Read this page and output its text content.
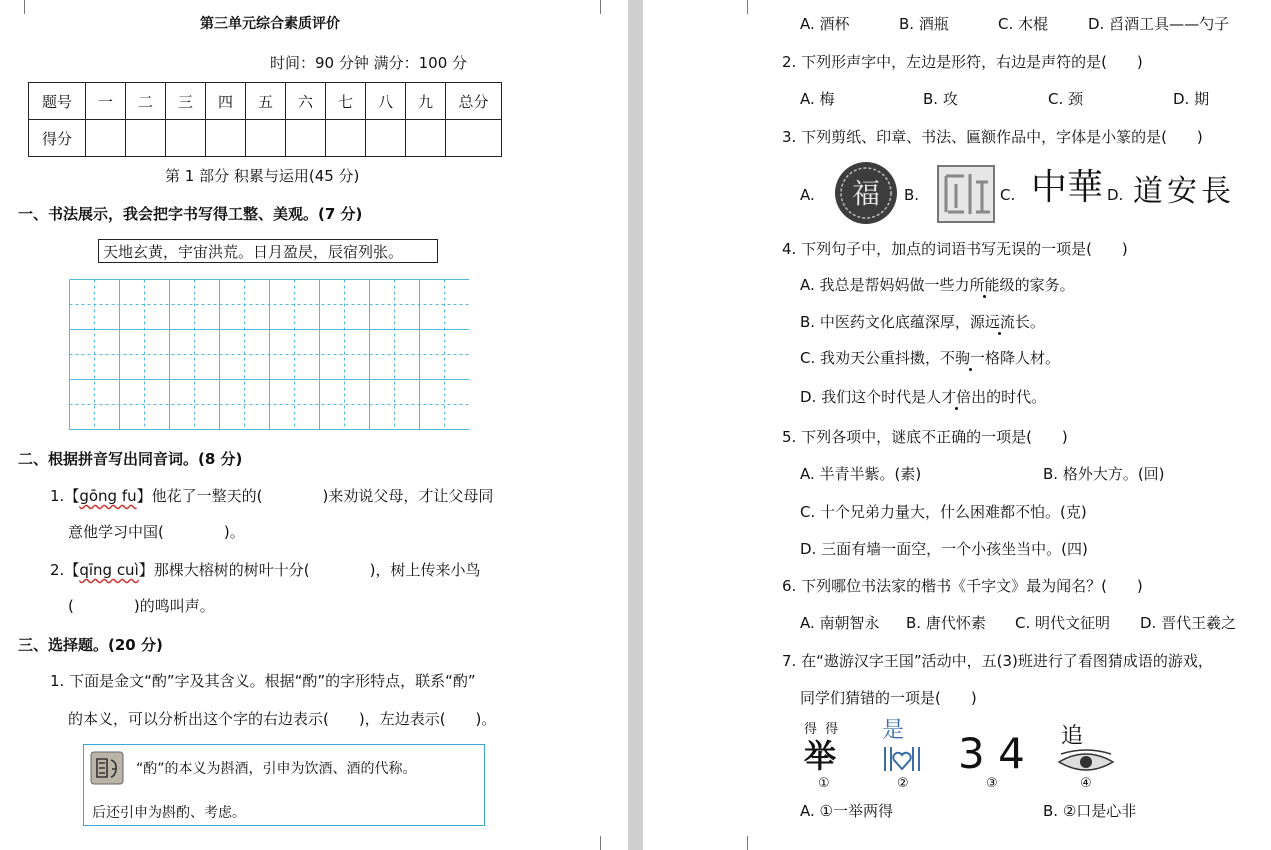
第三单元综合素质评价
时间：90 分钟 满分：100 分
题号	一	二	三	四	五	六	七	八	九	总分
得分										
第 1 部分 积累与运用(45 分)
一、书法展示，我会把字书写得工整、美观。(7 分)
天地玄黄，宇宙洪荒。日月盈昃，辰宿列张。
二、根据拼音写出同音词。(8 分)
1.【gōng fu】他花了一整天的(　　　　)来劝说父母，才让父母同
意他学习中国(　　　　)。
2.【qīng cuì】那棵大榕树的树叶十分(　　　　)，树上传来小鸟
(　　　　)的鸣叫声。
三、选择题。(20 分)
1. 下面是金文“酌”字及其含义。根据“酌”的字形特点，联系“酌”
的本义，可以分析出这个字的右边表示(　　)，左边表示(　　)。
“酌”的本义为斟酒，引申为饮酒、酒的代称。
后还引申为斟酌、考虑。
A. 酒杯	B. 酒瓶	C. 木棍	D. 舀酒工具——勺子
2. 下列形声字中，左边是形符，右边是声符的是(　　)
A. 梅	B. 攻	C. 颈	D. 期
3. 下列剪纸、印章、书法、匾额作品中，字体是小篆的是(　　)
A. 福 B.
印
C. 中華 D. 道安長
4. 下列句子中，加点的词语书写无误的一项是(　　)
A. 我总是帮妈妈做一些力所能级的家务。
B. 中医药文化底蕴深厚，源远流长。
C. 我劝天公重抖擞，不驹一格降人材。
D. 我们这个时代是人才倍出的时代。
5. 下列各项中，谜底不正确的一项是(　　)
A. 半青半紫。(素)	B. 格外大方。(回)
C. 十个兄弟力量大，什么困难都不怕。(克)
D. 三面有墙一面空，一个小孩坐当中。(四)
6. 下列哪位书法家的楷书《千字文》最为闻名？(　　)
A. 南朝智永 B. 唐代怀素 C. 明代文征明 D. 晋代王羲之
7. 在“遨游汉字王国”活动中，五(3)班进行了看图猜成语的游戏，
同学们猜错的一项是(　　)
得 得
举
是 3 4 追
①	②	③	④
A. ①一举两得	B. ②口是心非
